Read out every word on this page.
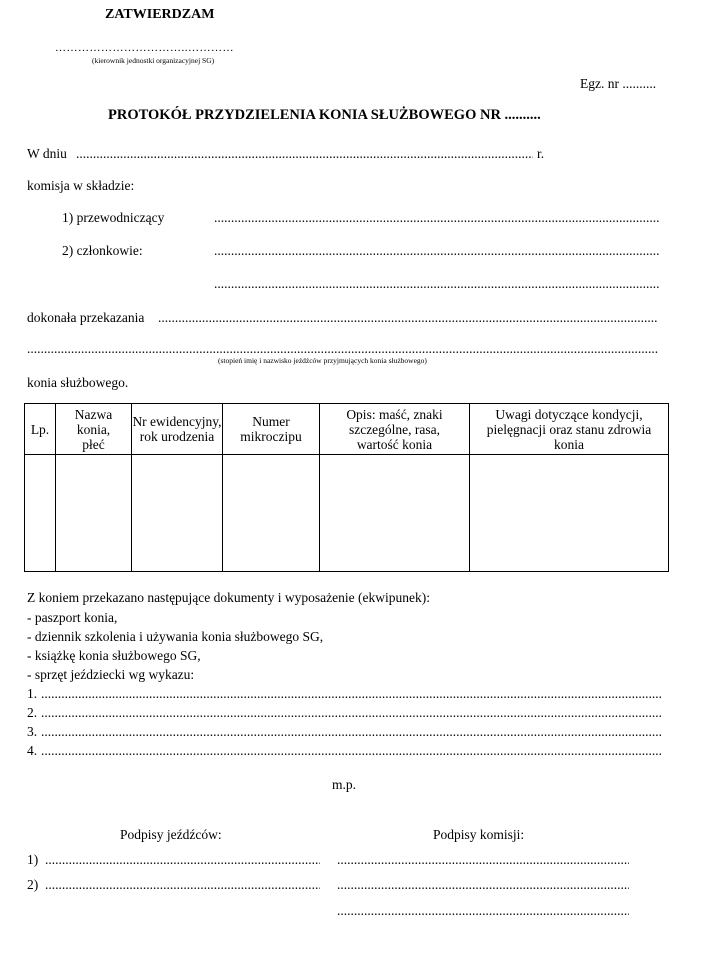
ZATWIERDZAM
……………………………..…………
(kierownik jednostki organizacyjnej SG)
Egz. nr ..........
PROTOKÓŁ PRZYDZIELENIA KONIA SŁUŻBOWEGO NR ..........
W dniu .....	r.
komisja w składzie:
1) przewodniczący
.....
2) członkowie:
.....
.....
dokonała przekazania
.....
.....
(stopień imię i nazwisko jeźdźców przyjmujących konia służbowego)
konia służbowego.
Lp.	Nazwa konia, płeć	Nr ewidencyjny, rok urodzenia	Numer mikroczipu	Opis: maść, znaki szczególne, rasa, wartość konia	Uwagi dotyczące kondycji, pielęgnacji oraz stanu zdrowia konia

Z koniem przekazano następujące dokumenty i wyposażenie (ekwipunek):
- paszport konia,
- dziennik szkolenia i używania konia służbowego SG,
- książkę konia służbowego SG,
- sprzęt jeździecki wg wykazu:
1.
.....
2.
.....
3.
.....
4.
.....
m.p.
Podpisy jeźdźców:	Podpisy komisji:
1)
.....
.....
2)
.....
.....
.....
